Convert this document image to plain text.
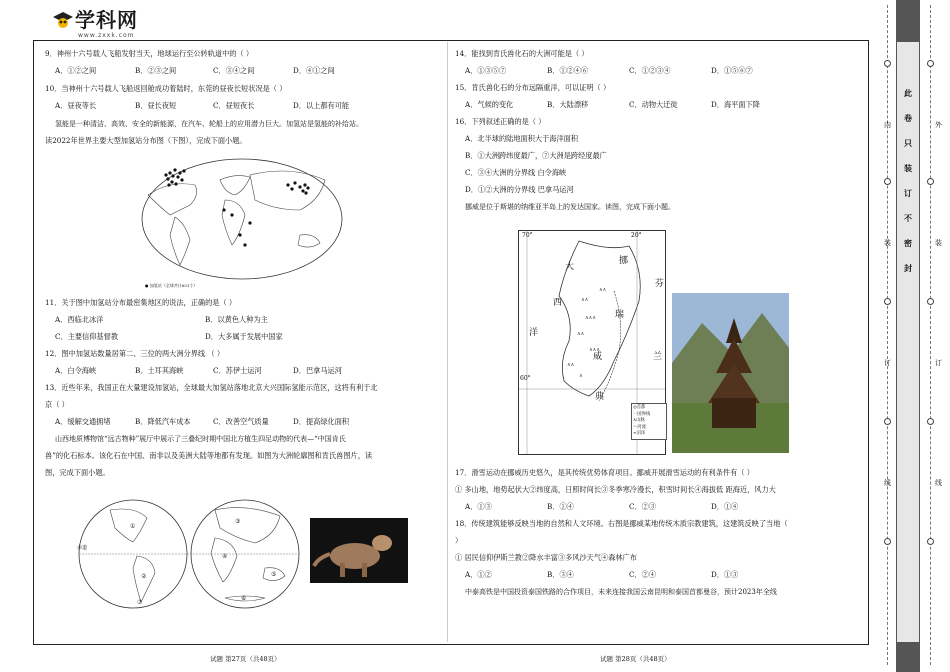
学科网
www.zxxk.com
9．神州十六号载人飞船发射当天，地球运行至公转轨道中的（ ）
A．①②之间	B．②③之间	C．③④之间	D．④①之间
10．当神州十六号载人飞船返回舱成功着陆时，东莞的昼夜长短状况是（ ）
A．昼夜等长	B．昼长夜短	C．昼短夜长	D．以上都有可能
氢能是一种清洁、高效、安全的新能源，在汽车、轮船上的应用潜力巨大。加氢站是氢能的补给站。
读2022年世界主要大型加氢站分布图（下图），完成下面小题。
● 加氢站（全球共计651个）
11．关于图中加氢站分布最密集地区的说法，正确的是（ ）
A．西临北冰洋	B．以黄色人种为主
C．主要信仰基督教	D．大多属于发展中国家
12．图中加氢站数量居第二、三位的两大洲分界线 （ ）
A．白令海峡	B．土耳其海峡	C．苏伊士运河	D．巴拿马运河
13．近些年来，我国正在大量建设加氢站，全球最大加氢站落地北京大兴国际氢能示范区，这将有利于北
京（ ）
A．缓解交通拥堵	B．降低汽车成本	C．改善空气质量	D．提高绿化面积
山西地质博物馆“远古物种”展厅中展示了三叠纪时期中国北方植生四足动物的代表—“中国肯氏
兽”的化石标本。该化石在中国、南非以及美洲大陆等地都有发现。如图为大洲轮廓图和肯氏兽图片，读
图，完成下面小题。
①
②
③
④
⑤
⑥
⑦
赤道
试题 第27页（共48页）
14．能找到肯氏兽化石的大洲可能是（ ）
A．①③⑤⑦	B．①②④⑥	C．①②③④	D．①⑤⑥⑦
15．肯氏兽化石的分布远隔重洋，可以证明（ ）
A．气候的变化	B．大陆漂移	C．动物大迁徙	D．海平面下降
16．下列叙述正确的是（ ）
A．北半球的陆地面积大于海洋面积
B．①大洲跨纬度最广，⑦大洲是跨经度最广
C．③④大洲的分界线 白令海峡
D．①②大洲的分界线 巴拿马运河
挪威是位于斯堪的纳维亚半岛上的发达国家。读图，完成下面小题。
∧∧
∧∧∧
∧∧
∧∧∧
∧∧
∧
∧∧
70°	20°
60°
大
西
洋
挪
威
瑞
典
芬
兰
◎首都
一国界线
∧山脉
～河流
≈沼泽
17．滑雪运动在挪威历史悠久，是其传统优势体育项目。挪威开展滑雪运动的有利条件有（ ）
① 多山地，地势起伏大②纬度高，日照时间长③冬季寒冷漫长，积雪时间长④海拔低 距海近，风力大
A．①③	B．①④	C．②③	D．①④
18．传统建筑能够反映当地的自然和人文环境。右图是挪威某地传统木质宗教建筑，这建筑反映了当地（
）
① 居民信仰伊斯兰教②降水丰富③多风沙天气④森林广布
A．①②	B．③④	C．②④	D．①③
中泰高铁是中国投资泰国铁路的合作项目，未来连接我国云南昆明和泰国首都曼谷，预计2023年全线
试题 第28页（共48页）
内
装
订
线
外
装
订
线
此
卷
只
装
订
不
密
封
